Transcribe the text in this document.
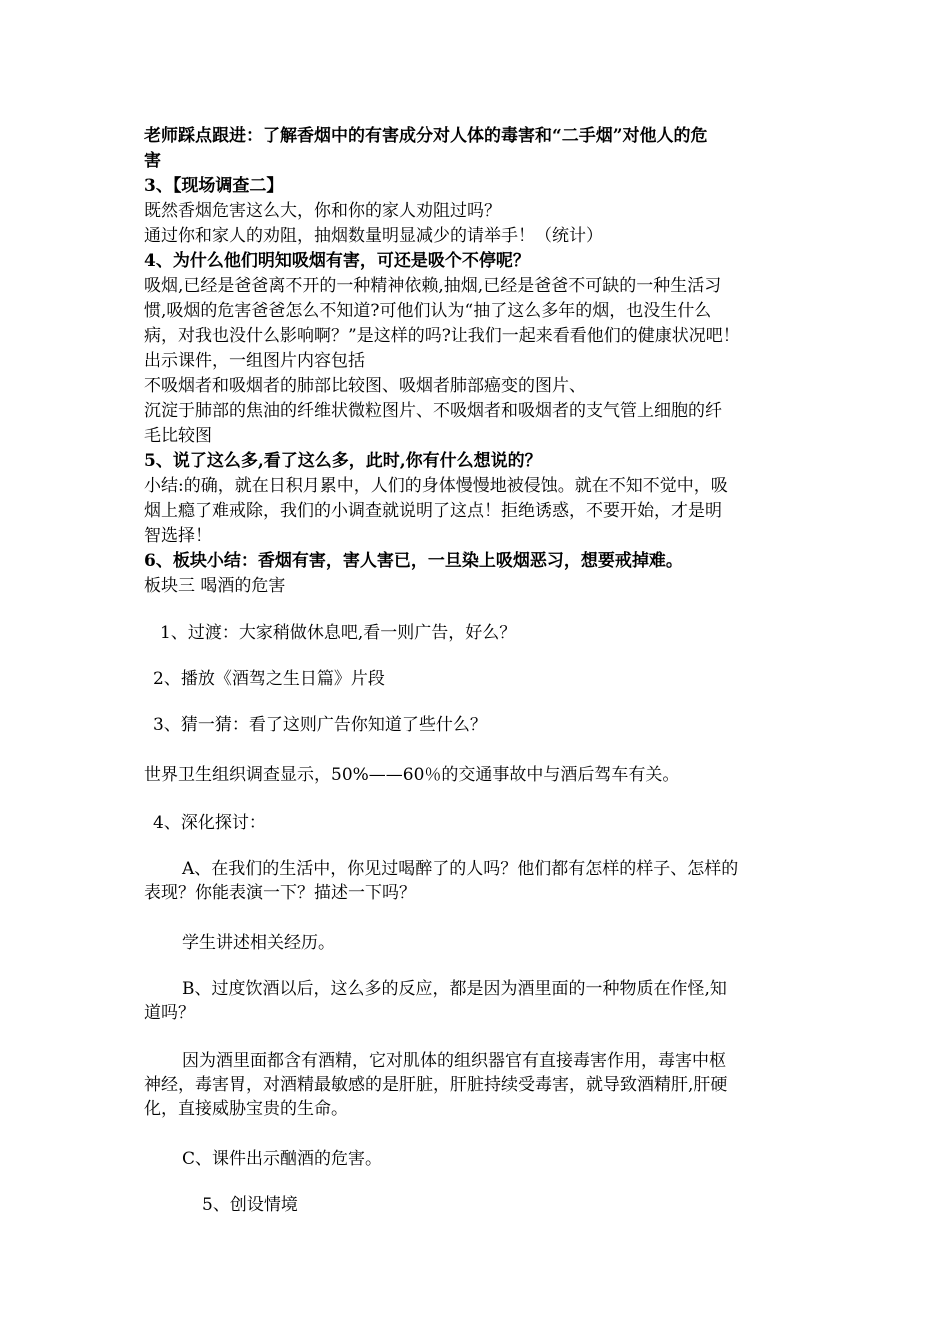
老师踩点跟进：了解香烟中的有害成分对人体的毒害和“二手烟”对他人的危
害
3、【现场调查二】
既然香烟危害这么大，你和你的家人劝阻过吗？
通过你和家人的劝阻，抽烟数量明显减少的请举手！（统计）
4、为什么他们明知吸烟有害，可还是吸个不停呢？
吸烟,已经是爸爸离不开的一种精神依赖,抽烟,已经是爸爸不可缺的一种生活习
惯,吸烟的危害爸爸怎么不知道?可他们认为“抽了这么多年的烟，也没生什么
病，对我也没什么影响啊？”是这样的吗?让我们一起来看看他们的健康状况吧！
出示课件，一组图片内容包括
不吸烟者和吸烟者的肺部比较图、吸烟者肺部癌变的图片、
沉淀于肺部的焦油的纤维状微粒图片、不吸烟者和吸烟者的支气管上细胞的纤
毛比较图
5、说了这么多,看了这么多，此时,你有什么想说的？
小结:的确，就在日积月累中，人们的身体慢慢地被侵蚀。就在不知不觉中，吸
烟上瘾了难戒除，我们的小调查就说明了这点！拒绝诱惑，不要开始，才是明
智选择！
6、板块小结：香烟有害，害人害已，一旦染上吸烟恶习，想要戒掉难。
板块三 喝酒的危害
1、过渡：大家稍做休息吧,看一则广告，好么？
2、播放《酒驾之生日篇》片段
3、猜一猜：看了这则广告你知道了些什么？
世界卫生组织调查显示，50%——60％的交通事故中与酒后驾车有关。
4、深化探讨：
A、在我们的生活中，你见过喝醉了的人吗？他们都有怎样的样子、怎样的
表现？你能表演一下？描述一下吗？
学生讲述相关经历。
B、过度饮酒以后，这么多的反应，都是因为酒里面的一种物质在作怪,知
道吗？
因为酒里面都含有酒精，它对肌体的组织器官有直接毒害作用，毒害中枢
神经，毒害胃，对酒精最敏感的是肝脏，肝脏持续受毒害，就导致酒精肝,肝硬
化，直接威胁宝贵的生命。
C、课件出示酗酒的危害。
5、创设情境
